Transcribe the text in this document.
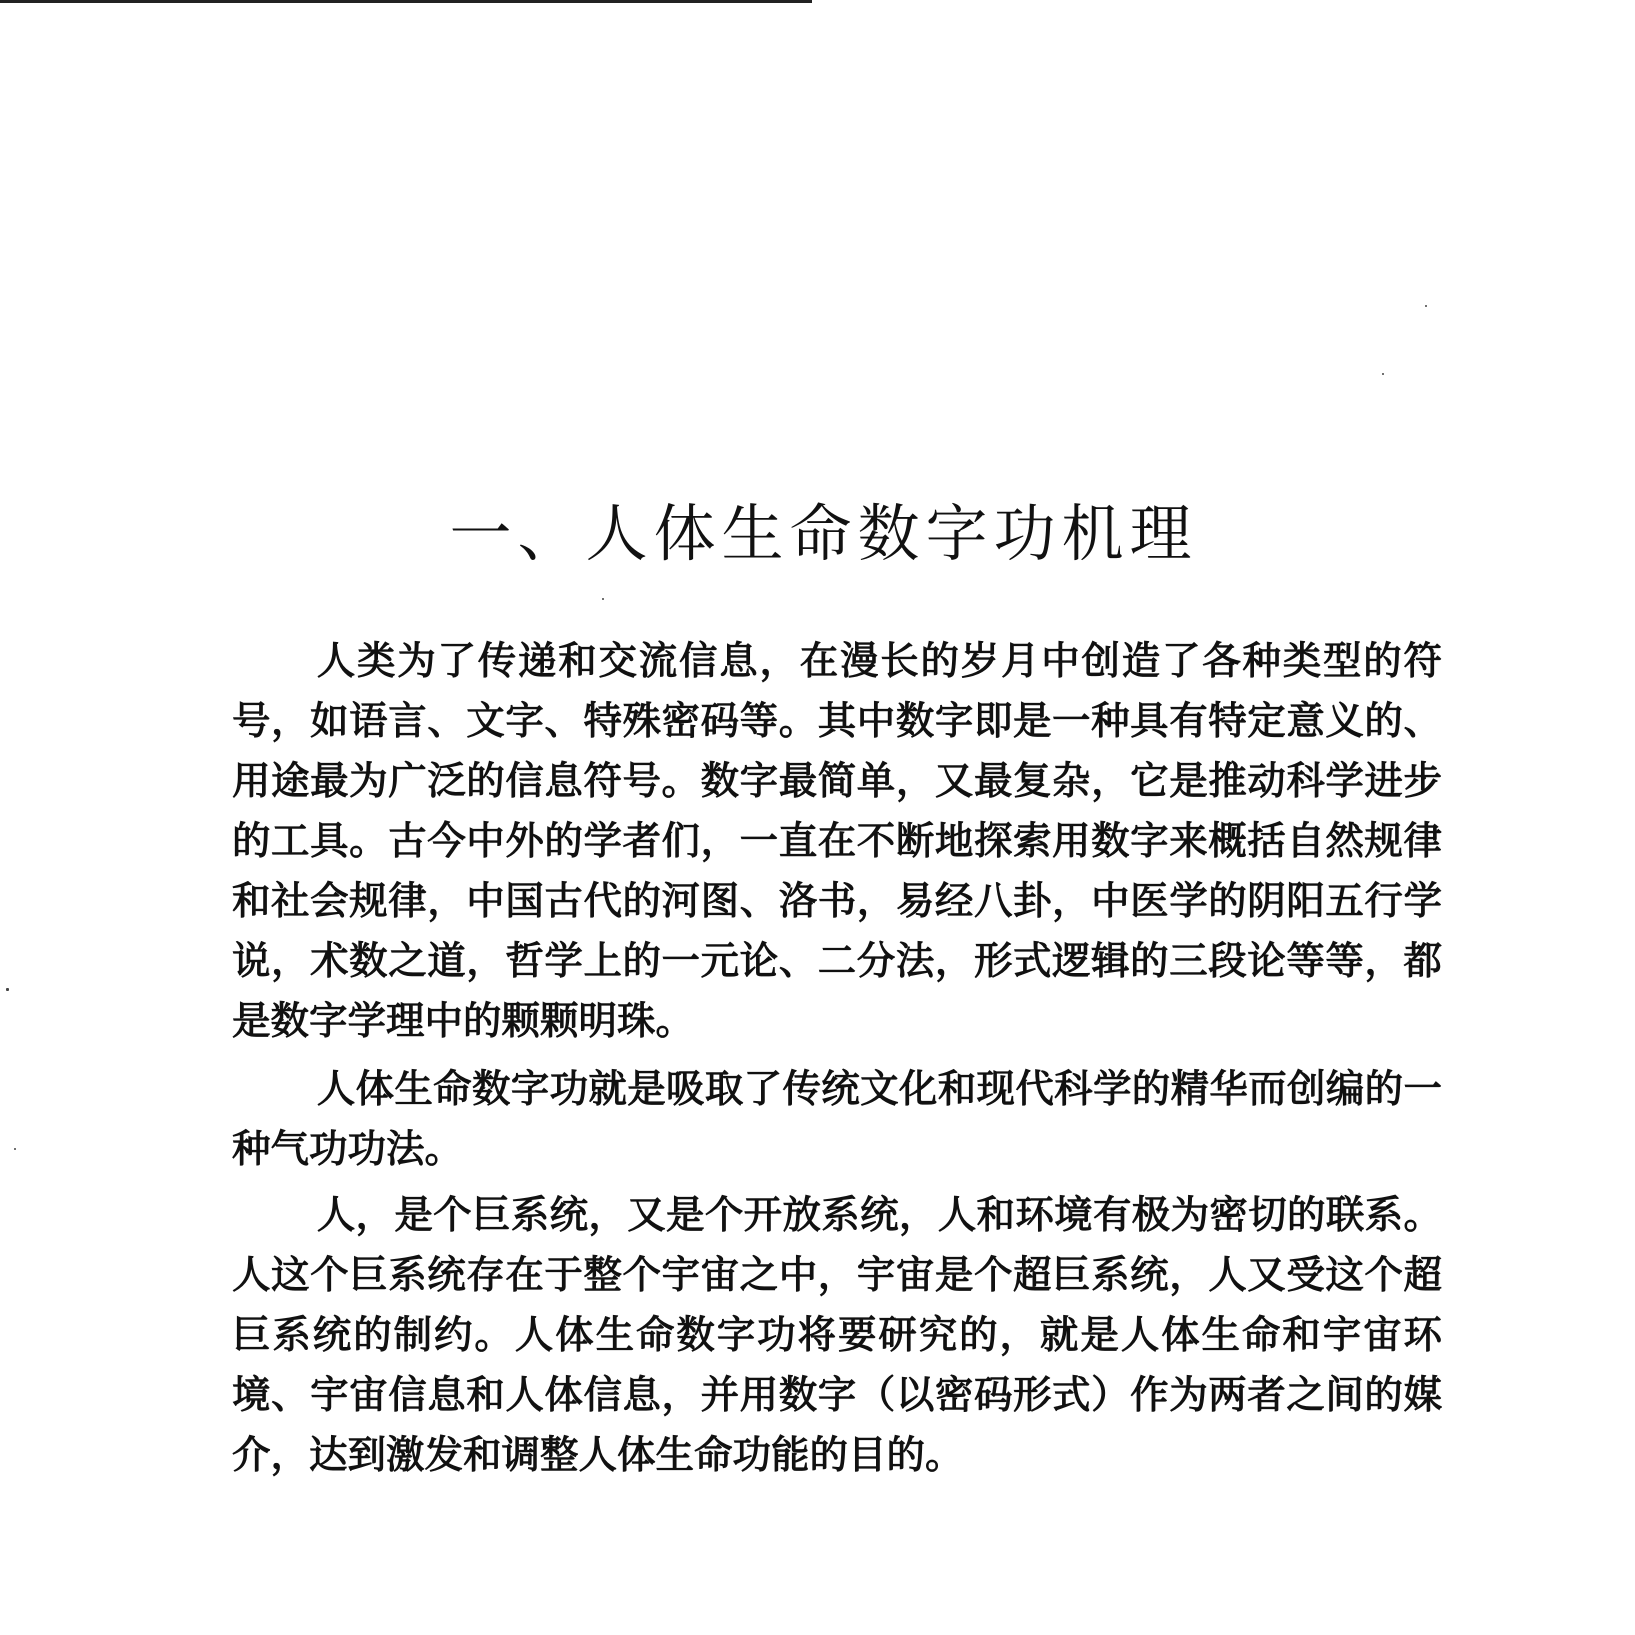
一、人体生命数字功机理

人类为了传递和交流信息，在漫长的岁月中创造了各种类型的符号，如语言、文字、特殊密码等。其中数字即是一种具有特定意义的、用途最为广泛的信息符号。数字最简单，又最复杂，它是推动科学进步的工具。古今中外的学者们，一直在不断地探索用数字来概括自然规律和社会规律，中国古代的河图、洛书，易经八卦，中医学的阴阳五行学说，术数之道，哲学上的一元论、二分法，形式逻辑的三段论等等，都是数字学理中的颗颗明珠。

人体生命数字功就是吸取了传统文化和现代科学的精华而创编的一种气功功法。

人，是个巨系统，又是个开放系统，人和环境有极为密切的联系。人这个巨系统存在于整个宇宙之中，宇宙是个超巨系统，人又受这个超巨系统的制约。人体生命数字功将要研究的，就是人体生命和宇宙环境、宇宙信息和人体信息，并用数字（以密码形式）作为两者之间的媒介，达到激发和调整人体生命功能的目的。
